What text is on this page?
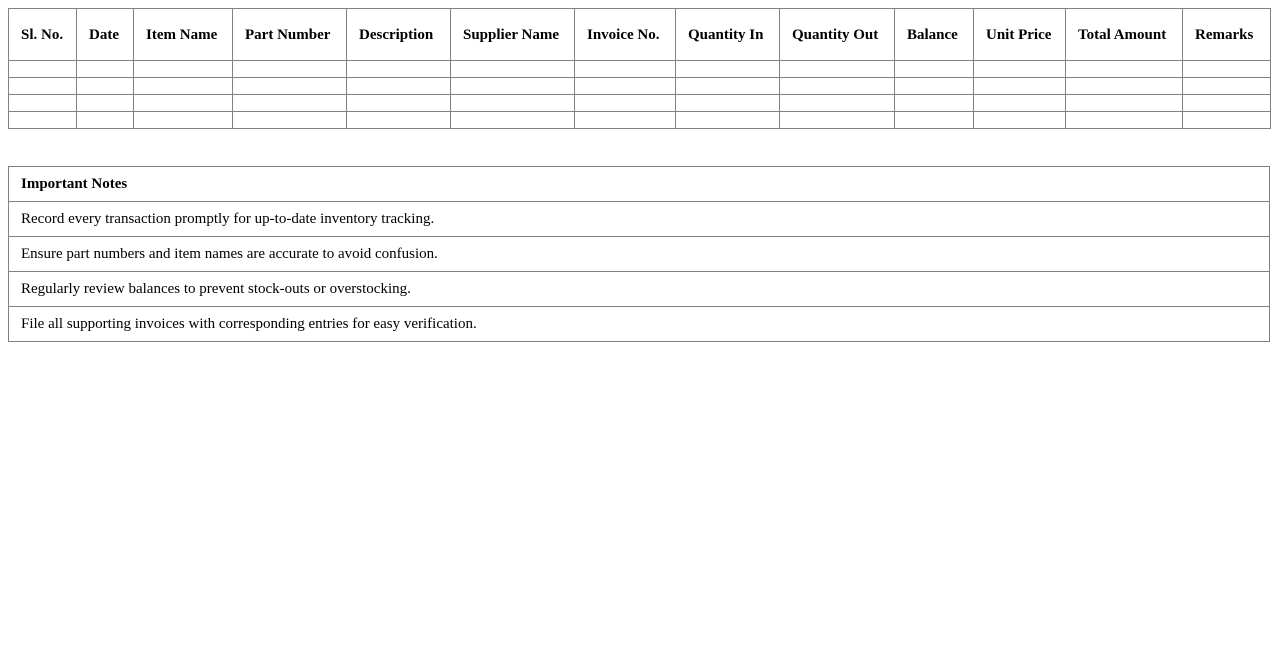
Sl. No.	Date	Item Name	Part Number	Description	Supplier Name	Invoice No.	Quantity In	Quantity Out	Balance	Unit Price	Total Amount	Remarks

Important Notes
Record every transaction promptly for up-to-date inventory tracking.
Ensure part numbers and item names are accurate to avoid confusion.
Regularly review balances to prevent stock-outs or overstocking.
File all supporting invoices with corresponding entries for easy verification.
